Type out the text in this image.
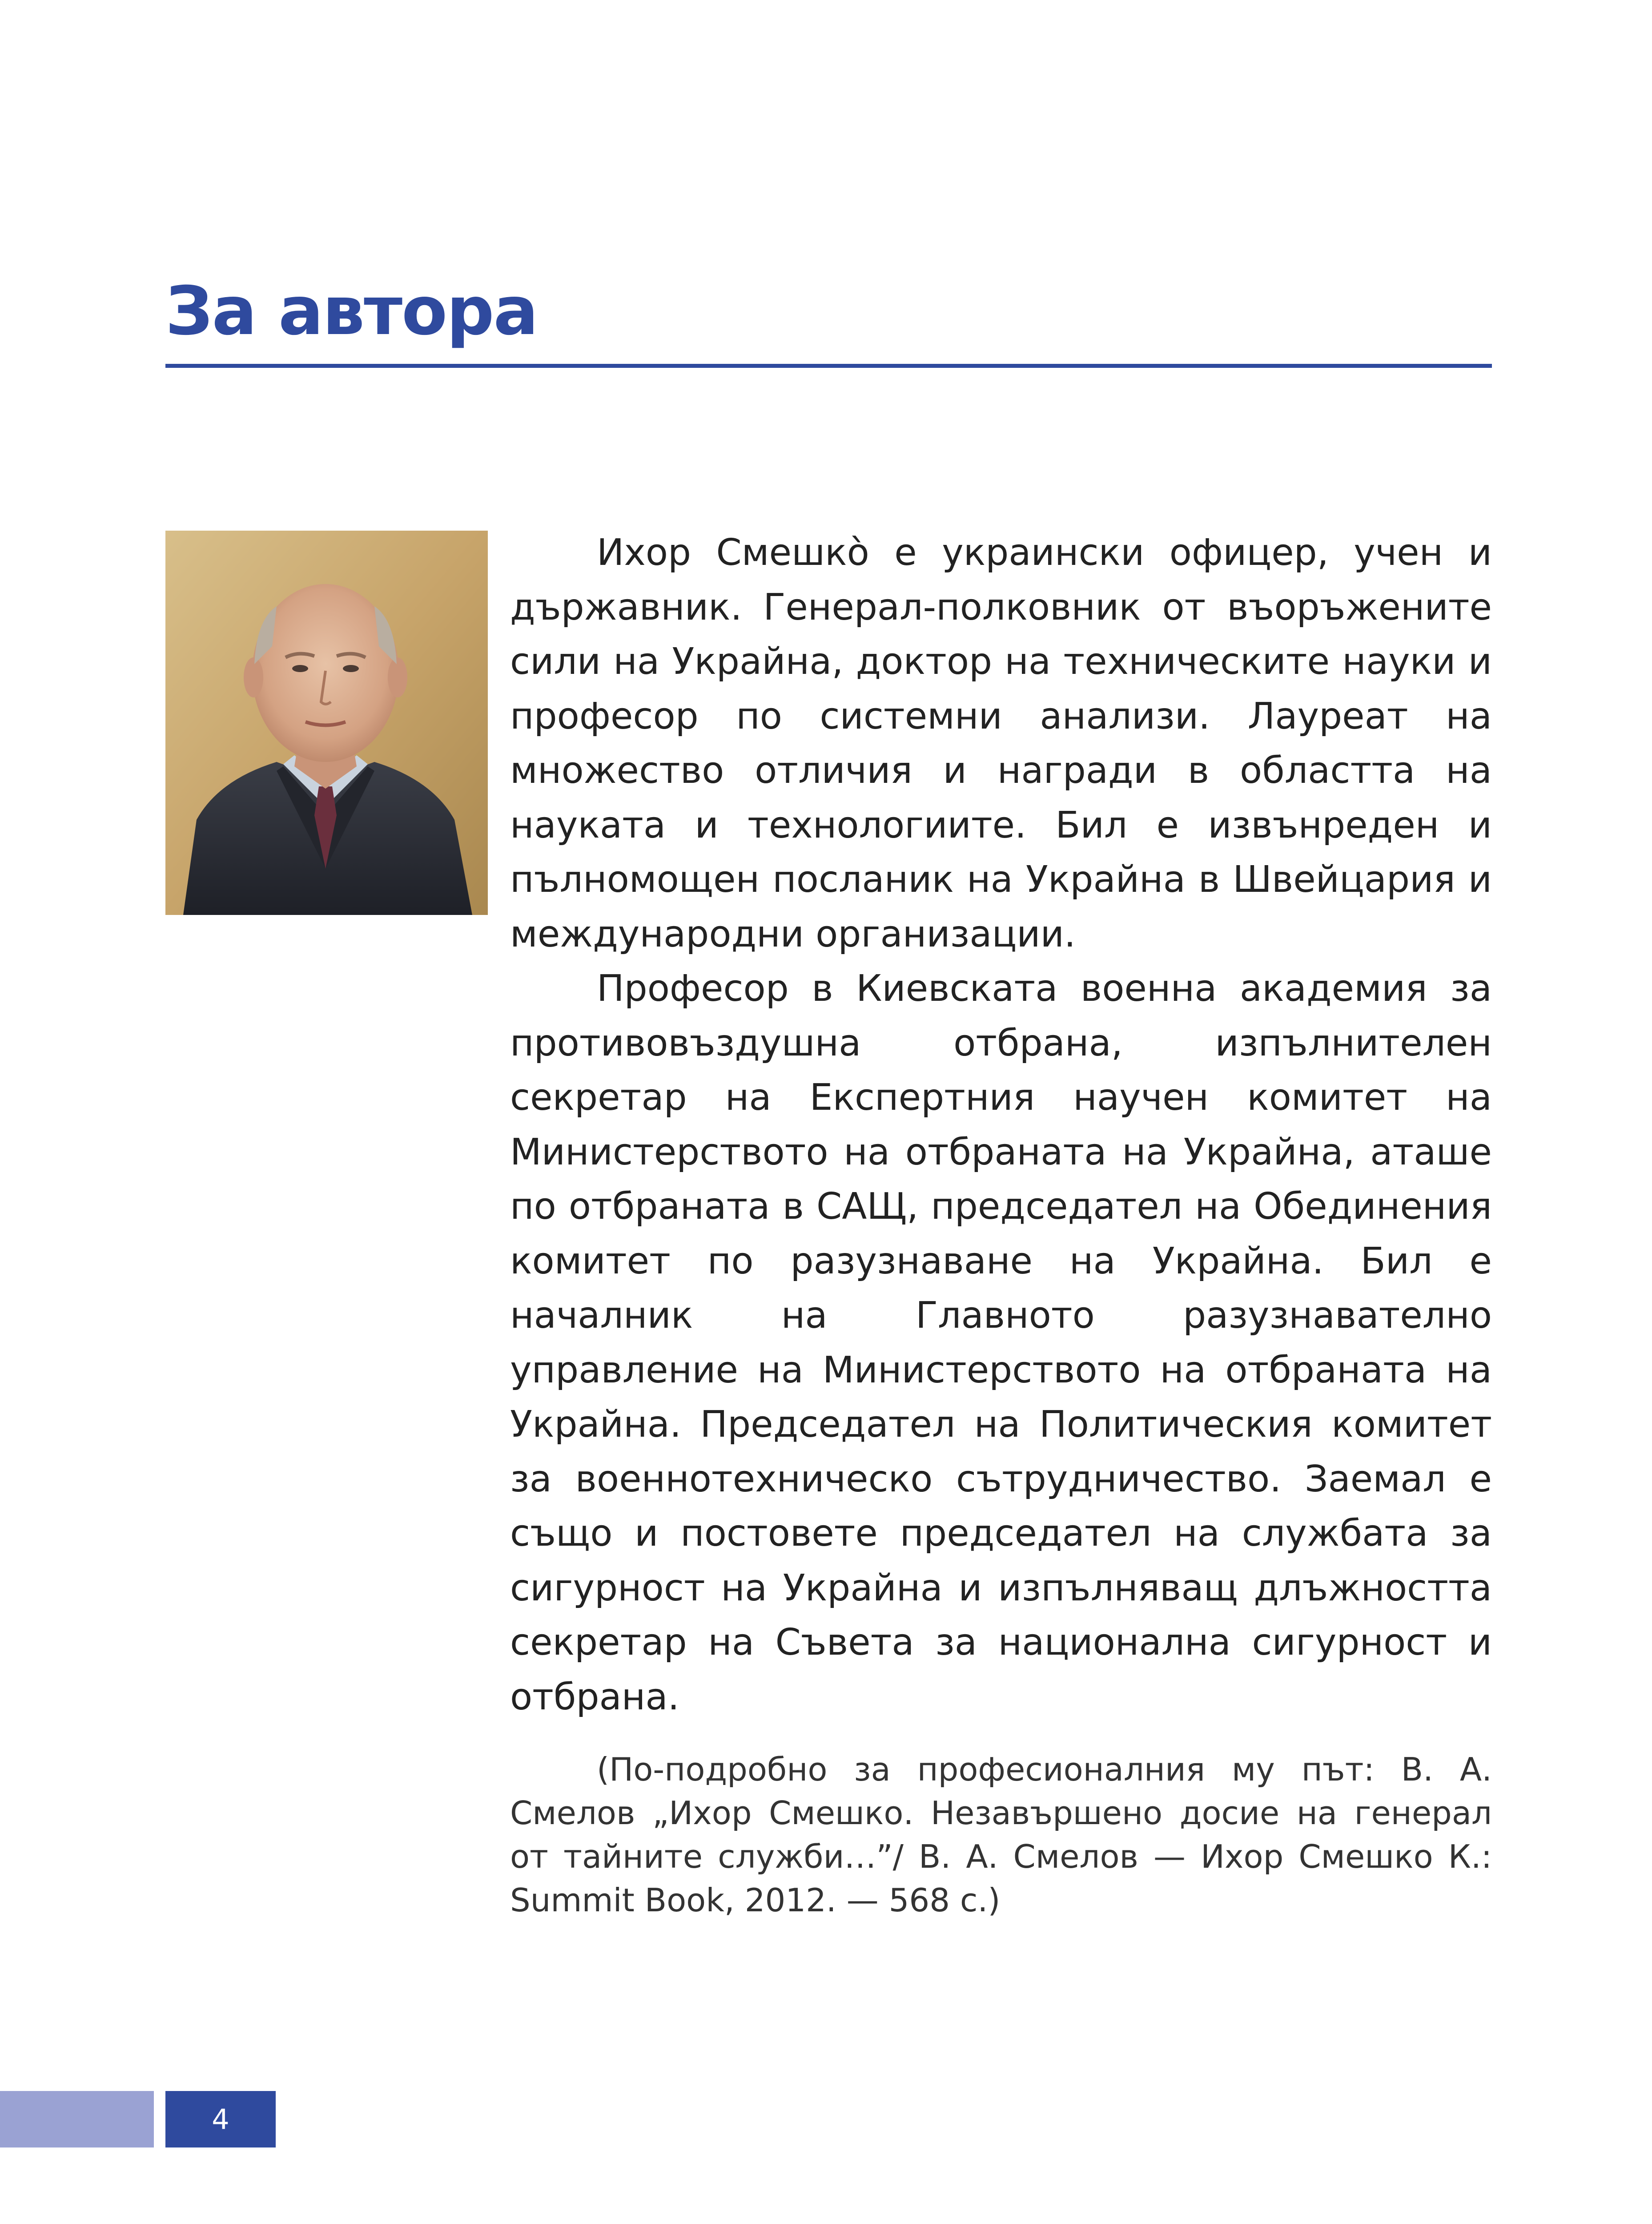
За автора

Ихор Смешкò е украински офицер, учен и държавник. Генерал-полковник от въоръжените сили на Украйна, доктор на техническите науки и професор по системни анализи. Лауреат на множество отличия и награди в областта на науката и технологиите. Бил е извънреден и пълномощен посланик на Украйна в Швейцария и международни организации.

Професор в Киевската военна академия за противовъздушна отбрана, изпълнителен секретар на Експертния научен комитет на Министерството на отбраната на Украйна, аташе по отбраната в САЩ, председател на Обединения комитет по разузнаване на Украйна. Бил е началник на Главното разузнавателно управление на Министерството на отбраната на Украйна. Председател на Политическия комитет за военнотехническо сътрудничество. Заемал е също и постовете председател на службата за сигурност на Украйна и изпълняващ длъжността секретар на Съвета за национална сигурност и отбрана.

(По-подробно за професионалния му път: В. А. Смелов „Ихор Смешко. Незавършено досие на генерал от тайните служби…”/ В. А. Смелов — Ихор Смешко К.: Summit Book, 2012. — 568 с.)

4
